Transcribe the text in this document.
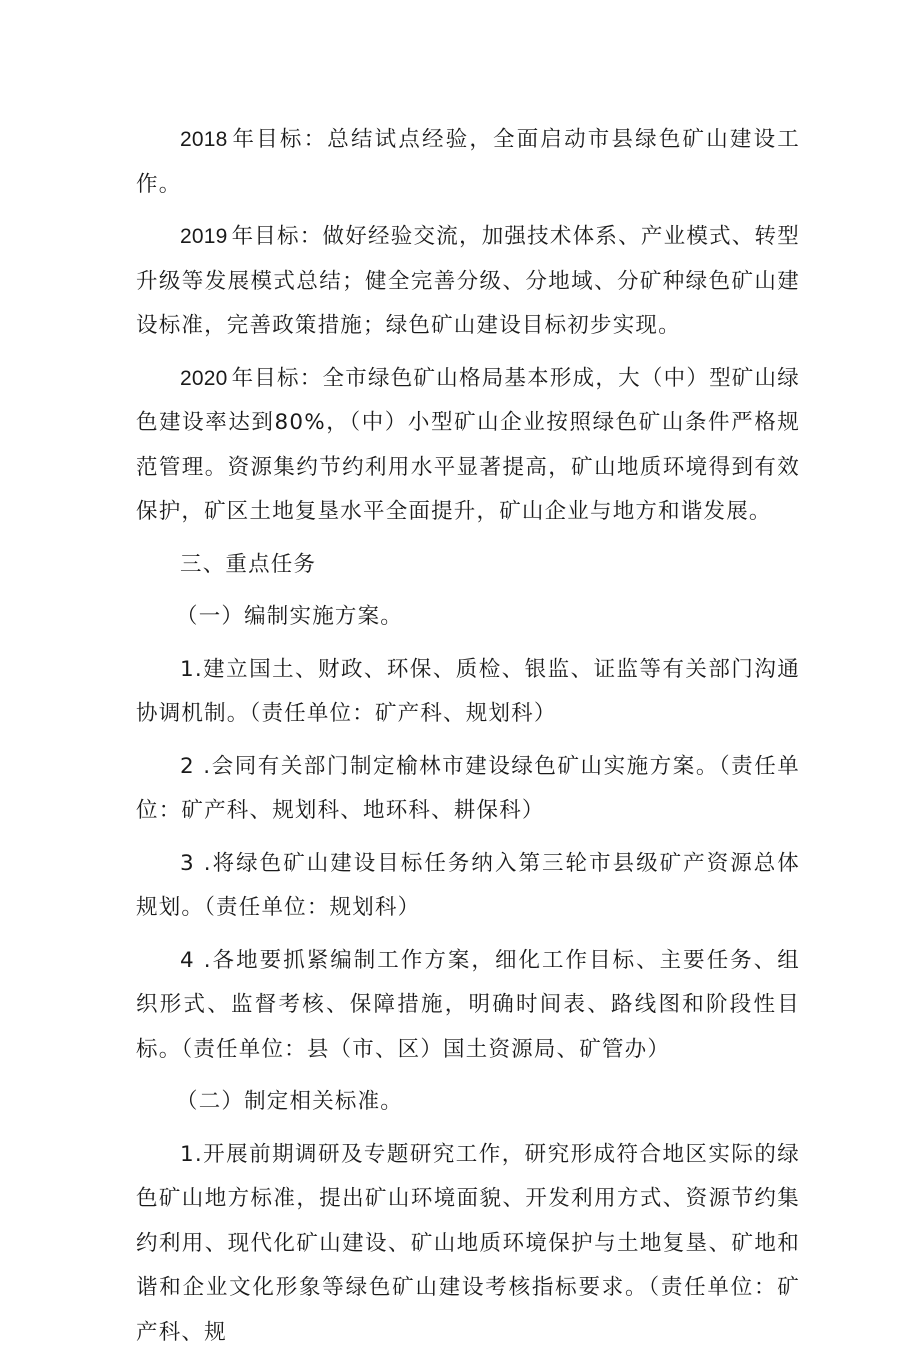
2018 年目标：总结试点经验，全面启动市县绿色矿山建设工作。

2019 年目标：做好经验交流，加强技术体系、产业模式、转型升级等发展模式总结；健全完善分级、分地域、分矿种绿色矿山建设标准，完善政策措施；绿色矿山建设目标初步实现。

2020 年目标：全市绿色矿山格局基本形成，大（中）型矿山绿色建设率达到80%，（中）小型矿山企业按照绿色矿山条件严格规范管理。资源集约节约利用水平显著提高，矿山地质环境得到有效保护，矿区土地复垦水平全面提升，矿山企业与地方和谐发展。

三、重点任务

（一）编制实施方案。

1.建立国土、财政、环保、质检、银监、证监等有关部门沟通协调机制。（责任单位：矿产科、规划科）

2 .会同有关部门制定榆林市建设绿色矿山实施方案。（责任单位：矿产科、规划科、地环科、耕保科）

3 .将绿色矿山建设目标任务纳入第三轮市县级矿产资源总体规划。（责任单位：规划科）

4 .各地要抓紧编制工作方案，细化工作目标、主要任务、组织形式、监督考核、保障措施，明确时间表、路线图和阶段性目标。（责任单位：县（市、区）国土资源局、矿管办）

（二）制定相关标准。

1.开展前期调研及专题研究工作，研究形成符合地区实际的绿色矿山地方标准，提出矿山环境面貌、开发利用方式、资源节约集约利用、现代化矿山建设、矿山地质环境保护与土地复垦、矿地和谐和企业文化形象等绿色矿山建设考核指标要求。（责任单位：矿产科、规
